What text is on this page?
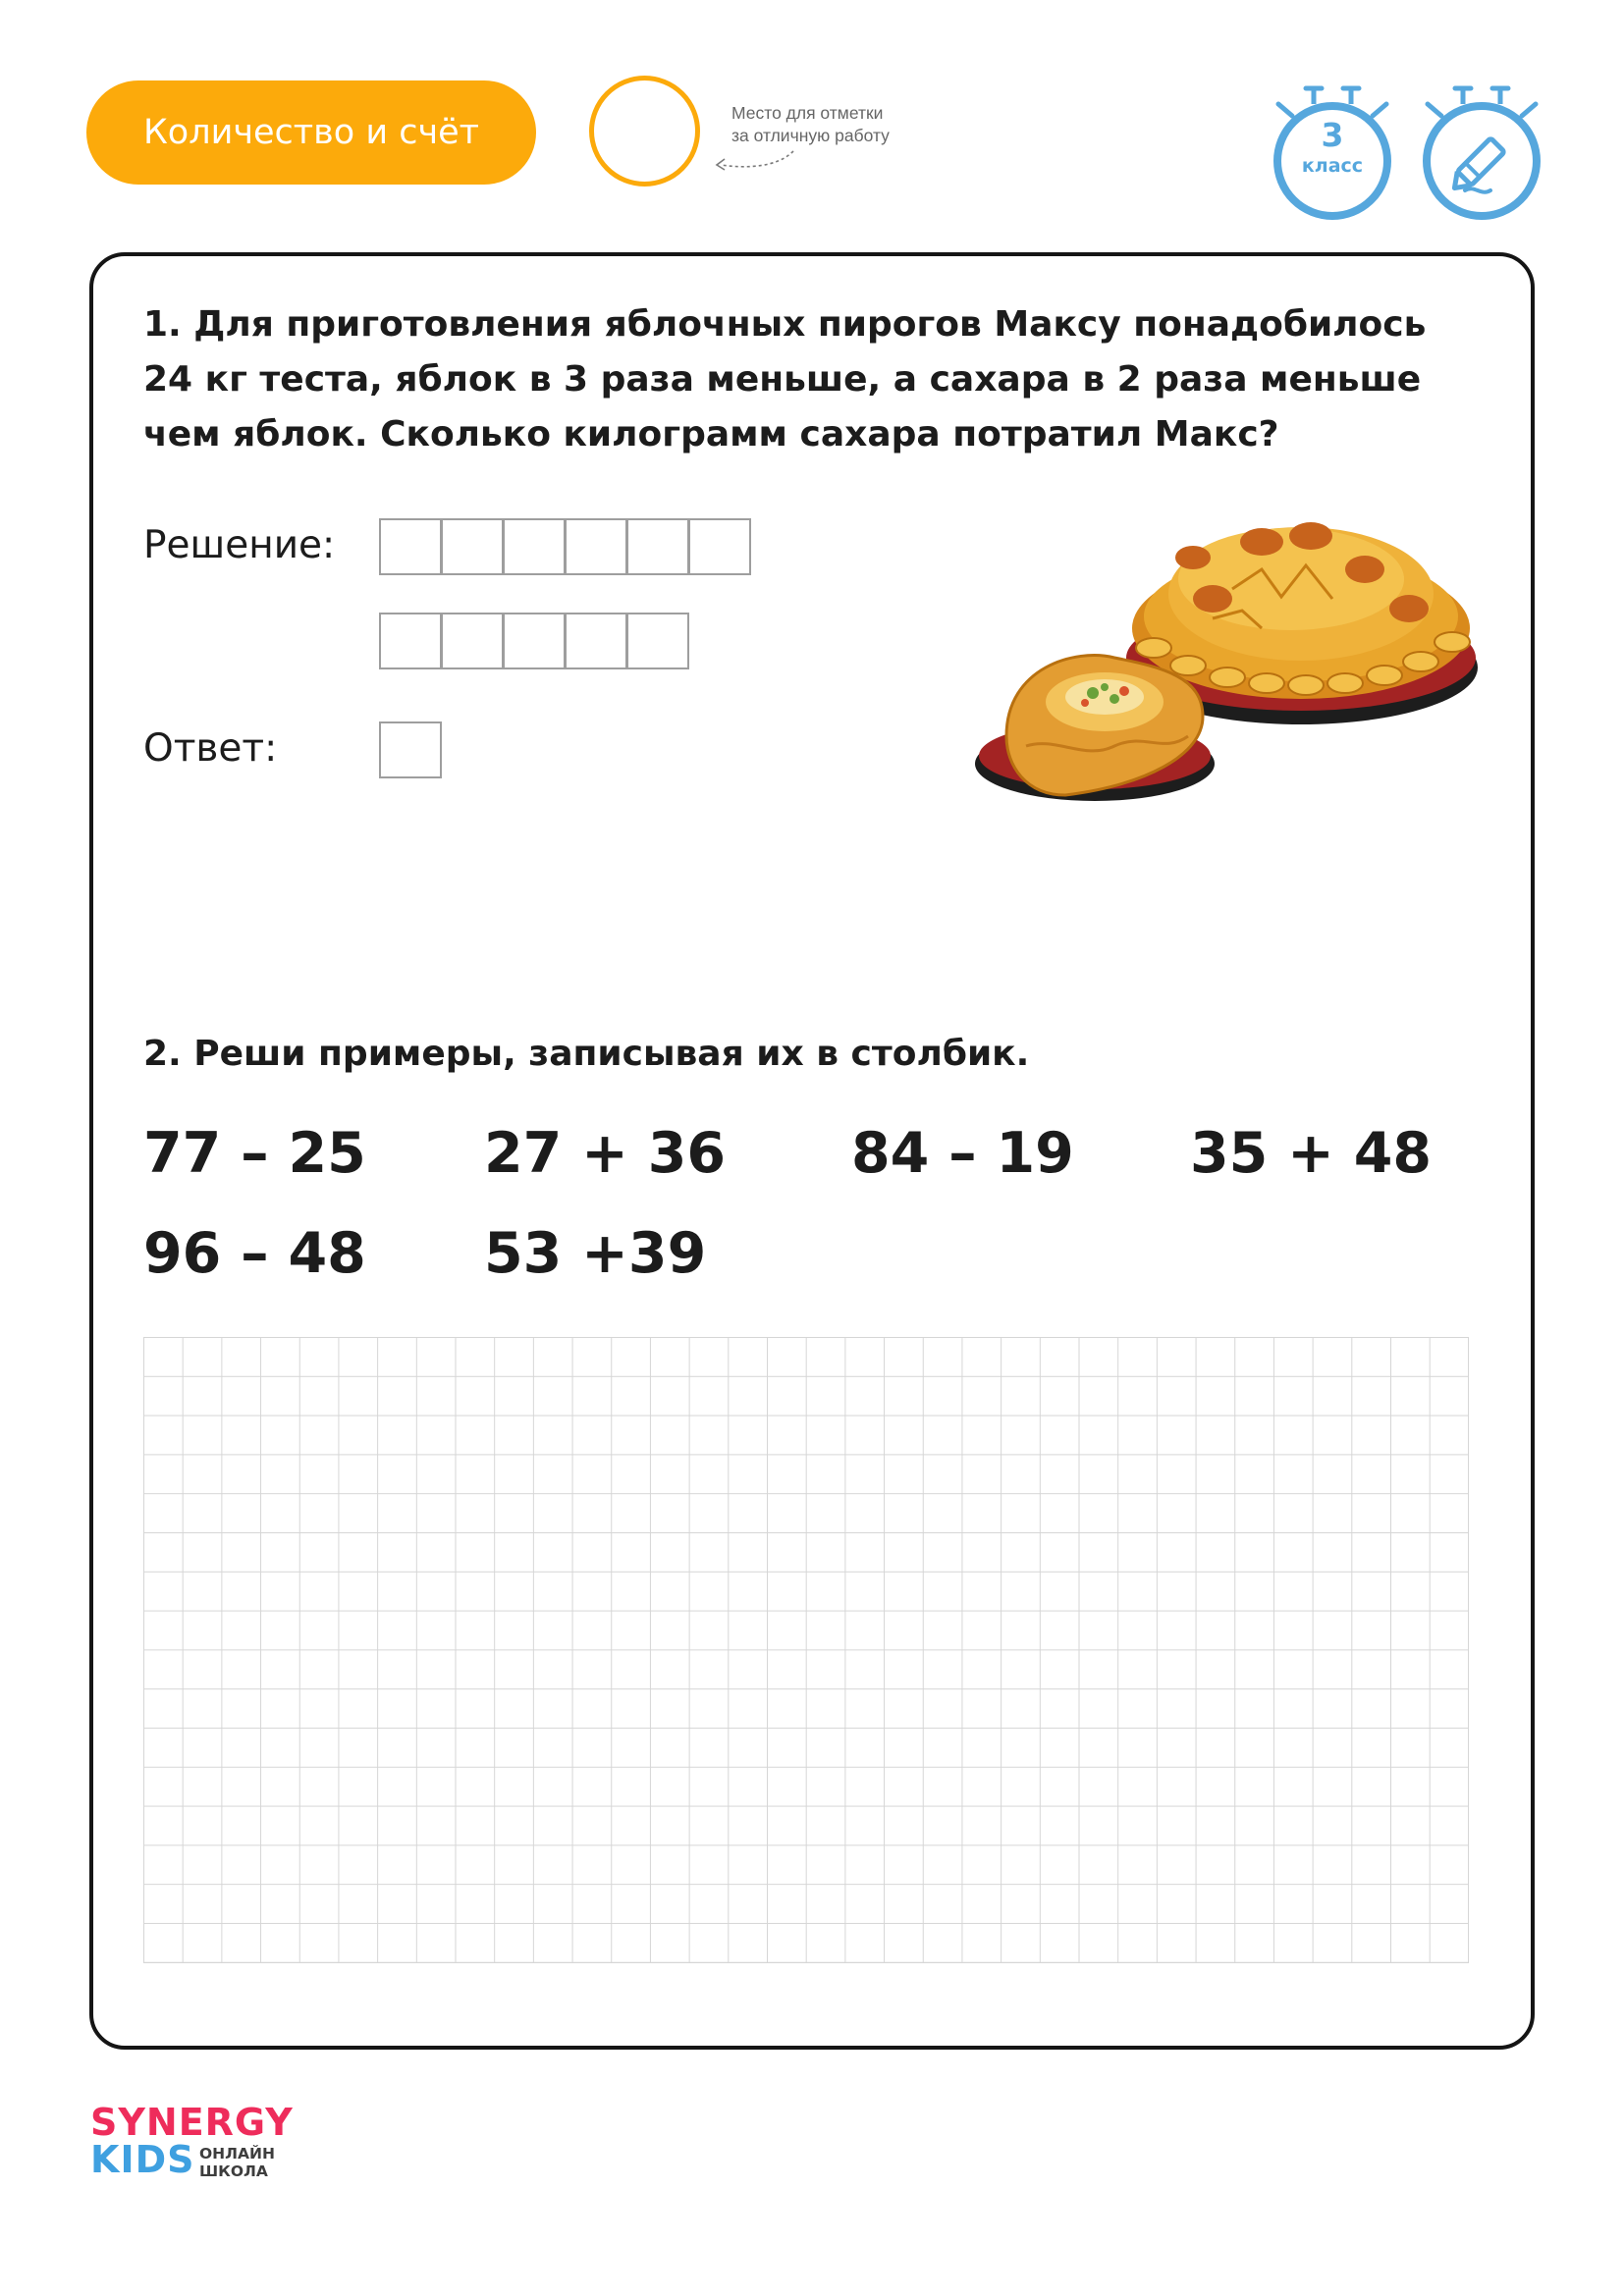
Количество и счёт	Место для отметки
за отличную работу	3
класс
1. Для приготовления яблочных пирогов Максу понадобилось
24 кг теста, яблок в 3 раза меньше, а сахара в 2 раза меньше
чем яблок. Сколько килограмм сахара потратил Макс?
Решение:
Ответ:
2. Реши примеры, записывая их в столбик.
77 – 25 27 + 36 84 – 19 35 + 48
96 – 48 53 +39
SYNERGY
KIDS ОНЛАЙН
ШКОЛА
